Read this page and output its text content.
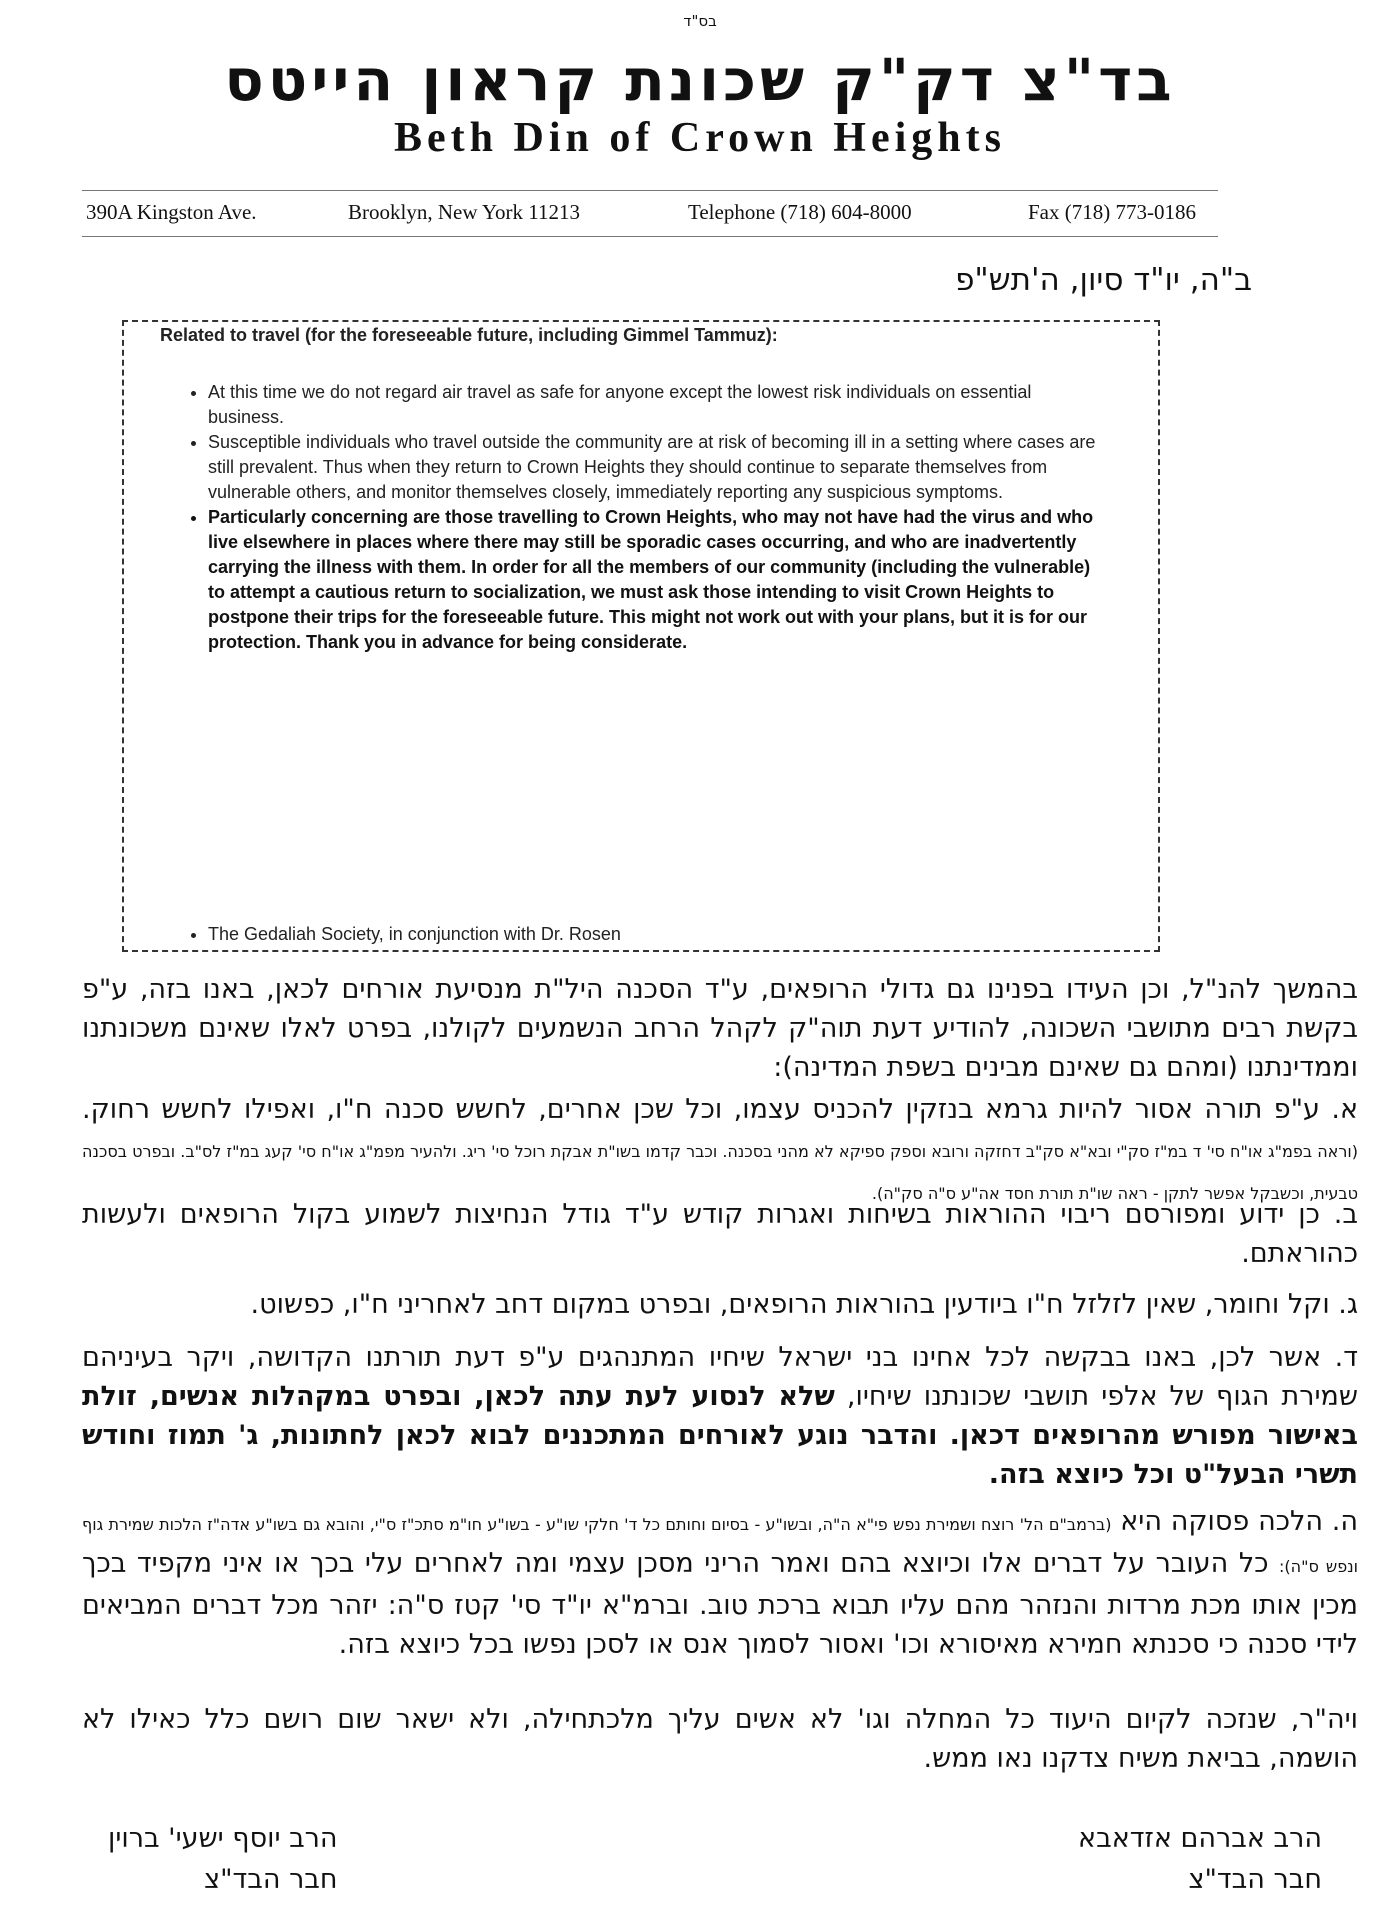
בס"ד
בד"צ דק"ק שכונת קראון הייטס
Beth Din of Crown Heights
390A Kingston Ave.	Brooklyn, New York 11213	Telephone (718) 604-8000	Fax (718) 773-0186
ב"ה, יו"ד סיון, ה'תש"פ
Related to travel (for the foreseeable future, including Gimmel Tammuz):
• At this time we do not regard air travel as safe for anyone except the lowest risk individuals on essential business.
• Susceptible individuals who travel outside the community are at risk of becoming ill in a setting where cases are still prevalent. Thus when they return to Crown Heights they should continue to separate themselves from vulnerable others, and monitor themselves closely, immediately reporting any suspicious symptoms.
• Particularly concerning are those travelling to Crown Heights, who may not have had the virus and who live elsewhere in places where there may still be sporadic cases occurring, and who are inadvertently carrying the illness with them. In order for all the members of our community (including the vulnerable) to attempt a cautious return to socialization, we must ask those intending to visit Crown Heights to postpone their trips for the foreseeable future. This might not work out with your plans, but it is for our protection. Thank you in advance for being considerate.
• The Gedaliah Society, in conjunction with Dr. Rosen
בהמשך להנ"ל, וכן העידו בפנינו גם גדולי הרופאים, ע"ד הסכנה היל"ת מנסיעת אורחים לכאן, באנו בזה, ע"פ בקשת רבים מתושבי השכונה, להודיע דעת תוה"ק לקהל הרחב הנשמעים לקולנו, בפרט לאלו שאינם משכונתנו וממדינתנו (ומהם גם שאינם מבינים בשפת המדינה):
א. ע"פ תורה אסור להיות גרמא בנזקין להכניס עצמו, וכל שכן אחרים, לחשש סכנה ח"ו, ואפילו לחשש רחוק. (וראה בפמ"ג או"ח סי' ד במ"ז סק"י ובא"א סק"ב דחזקה ורובא וספק ספיקא לא מהני בסכנה. וכבר קדמו בשו"ת אבקת רוכל סי' ריג. ולהעיר מפמ"ג או"ח סי' קעג במ"ז לס"ב. ובפרט בסכנה טבעית, וכשבקל אפשר לתקן - ראה שו"ת תורת חסד אה"ע ס"ה סק"ה).
ב. כן ידוע ומפורסם ריבוי ההוראות בשיחות ואגרות קודש ע"ד גודל הנחיצות לשמוע בקול הרופאים ולעשות כהוראתם.
ג. וקל וחומר, שאין לזלזל ח"ו ביודעין בהוראות הרופאים, ובפרט במקום דחב לאחריני ח"ו, כפשוט.
ד. אשר לכן, באנו בבקשה לכל אחינו בני ישראל שיחיו המתנהגים ע"פ דעת תורתנו הקדושה, ויקר בעיניהם שמירת הגוף של אלפי תושבי שכונתנו שיחיו, שלא לנסוע לעת עתה לכאן, ובפרט במקהלות אנשים, זולת באישור מפורש מהרופאים דכאן. והדבר נוגע לאורחים המתכננים לבוא לכאן לחתונות, ג' תמוז וחודש תשרי הבעל"ט וכל כיוצא בזה.
ה. הלכה פסוקה היא (ברמב"ם הל' רוצח ושמירת נפש פי"א ה"ה, ובשו"ע - בסיום וחותם כל ד' חלקי שו"ע - בשו"ע חו"מ סתכ"ז ס"י, והובא גם בשו"ע אדה"ז הלכות שמירת גוף ונפש ס"ה): כל העובר על דברים אלו וכיוצא בהם ואמר הריני מסכן עצמי ומה לאחרים עלי בכך או איני מקפיד בכך מכין אותו מכת מרדות והנזהר מהם עליו תבוא ברכת טוב. וברמ"א יו"ד סי' קטז ס"ה: יזהר מכל דברים המביאים לידי סכנה כי סכנתא חמירא מאיסורא וכו' ואסור לסמוך אנס או לסכן נפשו בכל כיוצא בזה.
ויה"ר, שנזכה לקיום היעוד כל המחלה וגו' לא אשים עליך מלכתחילה, ולא ישאר שום רושם כלל כאילו לא הושמה, בביאת משיח צדקנו נאו ממש.
הרב אברהם אזדאבא
חבר הבד"צ
הרב יוסף ישעי' ברוין
חבר הבד"צ
